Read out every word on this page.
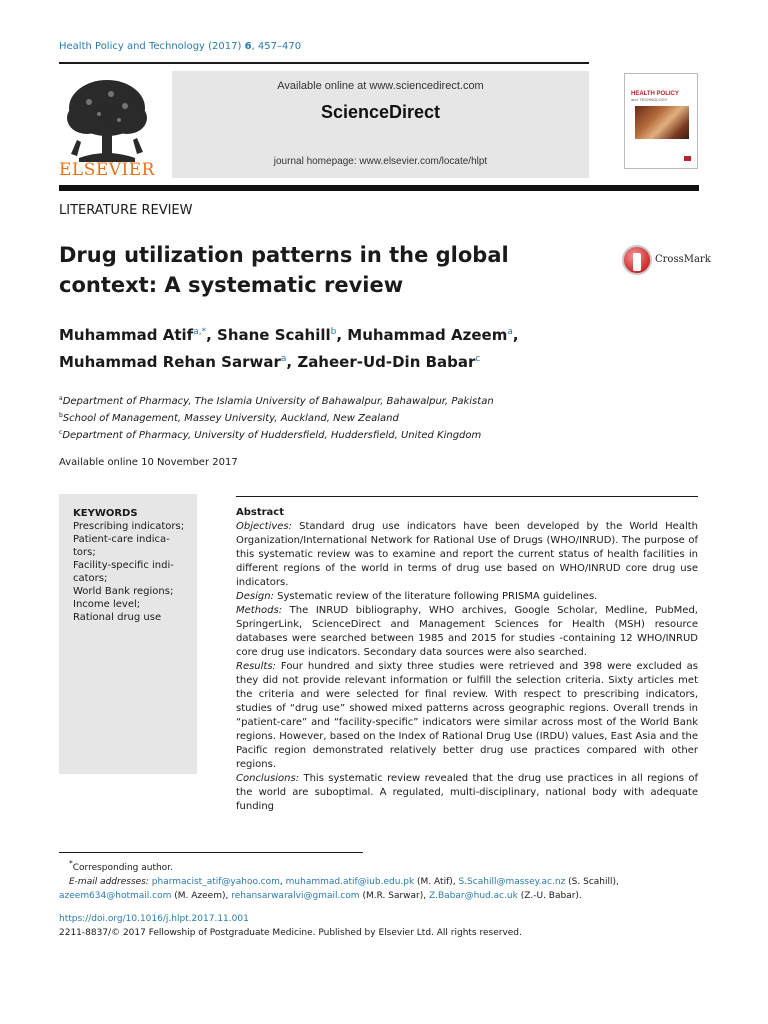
Health Policy and Technology (2017) 6, 457–470
ELSEVIER
Available online at www.sciencedirect.com
ScienceDirect
journal homepage: www.elsevier.com/locate/hlpt
HEALTH POLICY
and TECHNOLOGY
LITERATURE REVIEW
Drug utilization patterns in the global context: A systematic review
CrossMark
Muhammad Atif$^{a,*}$, Shane Scahill$^b$, Muhammad Azeem$^a$,
Muhammad Rehan Sarwar$^a$, Zaheer-Ud-Din Babar$^c$
$^a$Department of Pharmacy, The Islamia University of Bahawalpur, Bahawalpur, Pakistan
$^b$School of Management, Massey University, Auckland, New Zealand
$^c$Department of Pharmacy, University of Huddersfield, Huddersfield, United Kingdom
Available online 10 November 2017
KEYWORDS
Prescribing indicators;
Patient-care indica-
tors;
Facility-specific indi-
cators;
World Bank regions;
Income level;
Rational drug use
Abstract

Objectives: Standard drug use indicators have been developed by the World Health Organization/International Network for Rational Use of Drugs (WHO/INRUD). The purpose of this systematic review was to examine and report the current status of health facilities in different regions of the world in terms of drug use based on WHO/INRUD core drug use indicators.

Design: Systematic review of the literature following PRISMA guidelines.

Methods: The INRUD bibliography, WHO archives, Google Scholar, Medline, PubMed, SpringerLink, ScienceDirect and Management Sciences for Health (MSH) resource databases were searched between 1985 and 2015 for studies -containing 12 WHO/INRUD core drug use indicators. Secondary data sources were also searched.

Results: Four hundred and sixty three studies were retrieved and 398 were excluded as they did not provide relevant information or fulfill the selection criteria. Sixty articles met the criteria and were selected for final review. With respect to prescribing indicators, studies of “drug use” showed mixed patterns across geographic regions. Overall trends in “patient-care” and “facility-specific” indicators were similar across most of the World Bank regions. However, based on the Index of Rational Drug Use (IRDU) values, East Asia and the Pacific region demonstrated relatively better drug use practices compared with other regions.

Conclusions: This systematic review revealed that the drug use practices in all regions of the world are suboptimal. A regulated, multi-disciplinary, national body with adequate funding

*Corresponding author.
E-mail addresses: pharmacist_atif@yahoo.com, muhammad.atif@iub.edu.pk (M. Atif), S.Scahill@massey.ac.nz (S. Scahill),
azeem634@hotmail.com (M. Azeem), rehansarwaralvi@gmail.com (M.R. Sarwar), Z.Babar@hud.ac.uk (Z.-U. Babar).
https://doi.org/10.1016/j.hlpt.2017.11.001
2211-8837/© 2017 Fellowship of Postgraduate Medicine. Published by Elsevier Ltd. All rights reserved.
